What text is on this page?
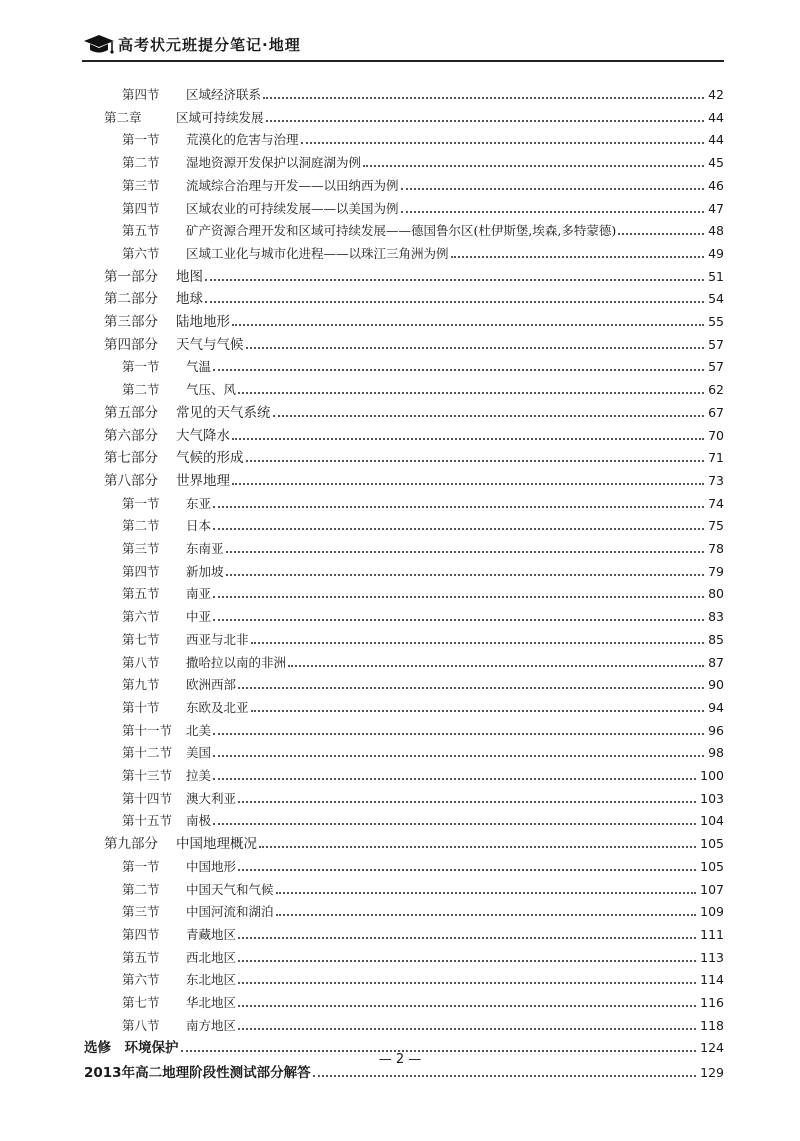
高考状元班提分笔记·地理
第四节	区域经济联系	42
第二章	区域可持续发展	44
第一节	荒漠化的危害与治理	44
第二节	湿地资源开发保护以洞庭湖为例	45
第三节	流域综合治理与开发——以田纳西为例	46
第四节	区域农业的可持续发展——以美国为例	47
第五节	矿产资源合理开发和区域可持续发展——德国鲁尔区(杜伊斯堡,埃森,多特蒙德)	48
第六节	区域工业化与城市化进程——以珠江三角洲为例	49
第一部分	地图	51
第二部分	地球	54
第三部分	陆地地形	55
第四部分	天气与气候	57
第一节	气温	57
第二节	气压、风	62
第五部分	常见的天气系统	67
第六部分	大气降水	70
第七部分	气候的形成	71
第八部分	世界地理	73
第一节	东亚	74
第二节	日本	75
第三节	东南亚	78
第四节	新加坡	79
第五节	南亚	80
第六节	中亚	83
第七节	西亚与北非	85
第八节	撒哈拉以南的非洲	87
第九节	欧洲西部	90
第十节	东欧及北亚	94
第十一节	北美	96
第十二节	美国	98
第十三节	拉美	100
第十四节	澳大利亚	103
第十五节	南极	104
第九部分	中国地理概况	105
第一节	中国地形	105
第二节	中国天气和气候	107
第三节	中国河流和湖泊	109
第四节	青藏地区	111
第五节	西北地区	113
第六节	东北地区	114
第七节	华北地区	116
第八节	南方地区	118
选修　环境保护	124
2013年高二地理阶段性测试部分解答	129
— 2 —
